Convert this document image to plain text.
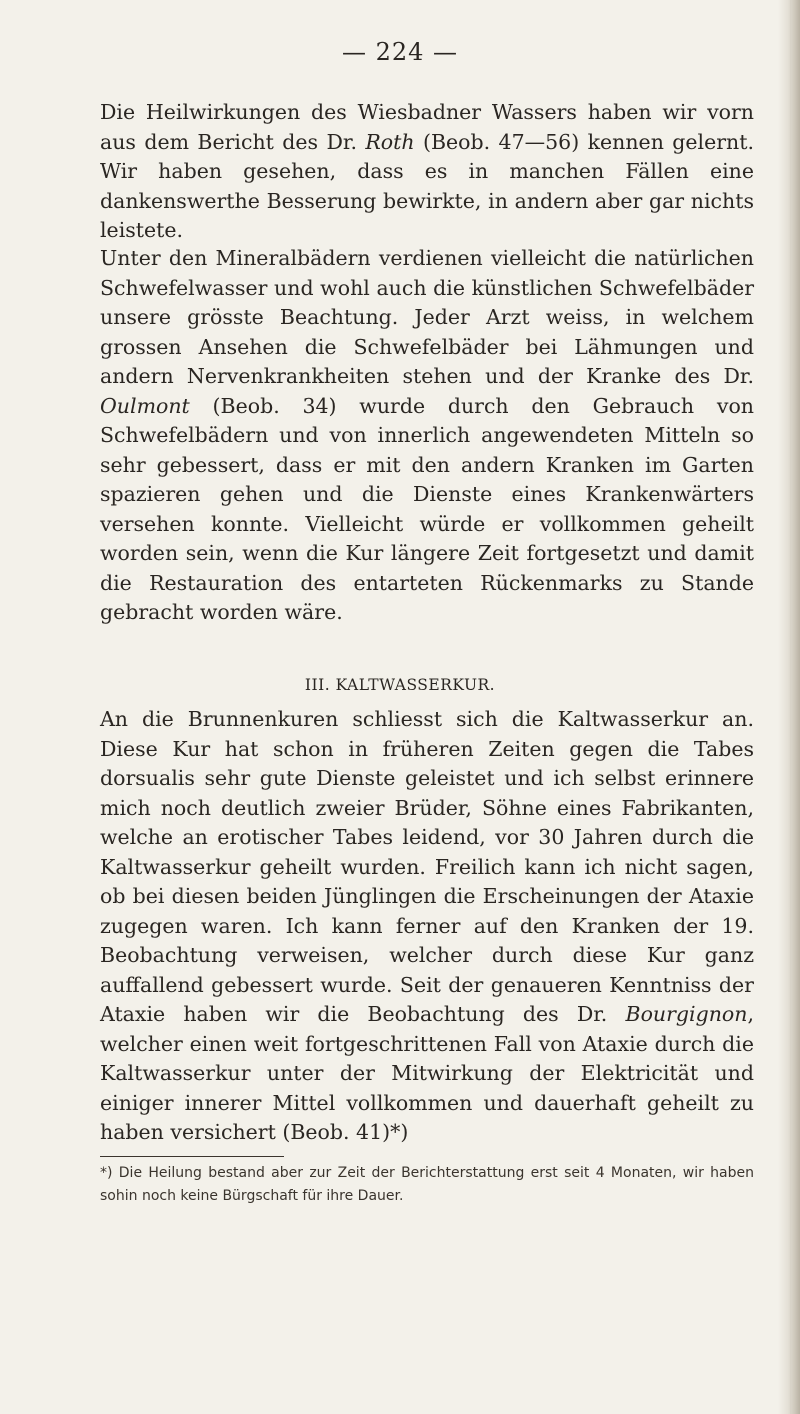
— 224 —

Die Heilwirkungen des Wiesbadner Wassers haben wir vorn aus dem Bericht des Dr. Roth (Beob. 47—56) kennen gelernt. Wir haben gesehen, dass es in manchen Fällen eine dankenswerthe Besserung bewirkte, in andern aber gar nichts leistete.

Unter den Mineralbädern verdienen vielleicht die natürlichen Schwefelwasser und wohl auch die künstlichen Schwefelbäder unsere grösste Beachtung. Jeder Arzt weiss, in welchem grossen Ansehen die Schwefelbäder bei Lähmungen und andern Nervenkrankheiten stehen und der Kranke des Dr. Oulmont (Beob. 34) wurde durch den Gebrauch von Schwefelbädern und von innerlich angewendeten Mitteln so sehr gebessert, dass er mit den andern Kranken im Garten spazieren gehen und die Dienste eines Krankenwärters versehen konnte. Vielleicht würde er vollkommen geheilt worden sein, wenn die Kur längere Zeit fortgesetzt und damit die Restauration des entarteten Rückenmarks zu Stande gebracht worden wäre.

III. KALTWASSERKUR.

An die Brunnenkuren schliesst sich die Kaltwasserkur an. Diese Kur hat schon in früheren Zeiten gegen die Tabes dorsualis sehr gute Dienste geleistet und ich selbst erinnere mich noch deutlich zweier Brüder, Söhne eines Fabrikanten, welche an erotischer Tabes leidend, vor 30 Jahren durch die Kaltwasserkur geheilt wurden. Freilich kann ich nicht sagen, ob bei diesen beiden Jünglingen die Erscheinungen der Ataxie zugegen waren. Ich kann ferner auf den Kranken der 19. Beobachtung verweisen, welcher durch diese Kur ganz auffallend gebessert wurde. Seit der genaueren Kenntniss der Ataxie haben wir die Beobachtung des Dr. Bourgignon, welcher einen weit fortgeschrittenen Fall von Ataxie durch die Kaltwasserkur unter der Mitwirkung der Elektricität und einiger innerer Mittel vollkommen und dauerhaft geheilt zu haben versichert (Beob. 41)*)

*) Die Heilung bestand aber zur Zeit der Berichterstattung erst seit 4 Monaten, wir haben sohin noch keine Bürgschaft für ihre Dauer.
